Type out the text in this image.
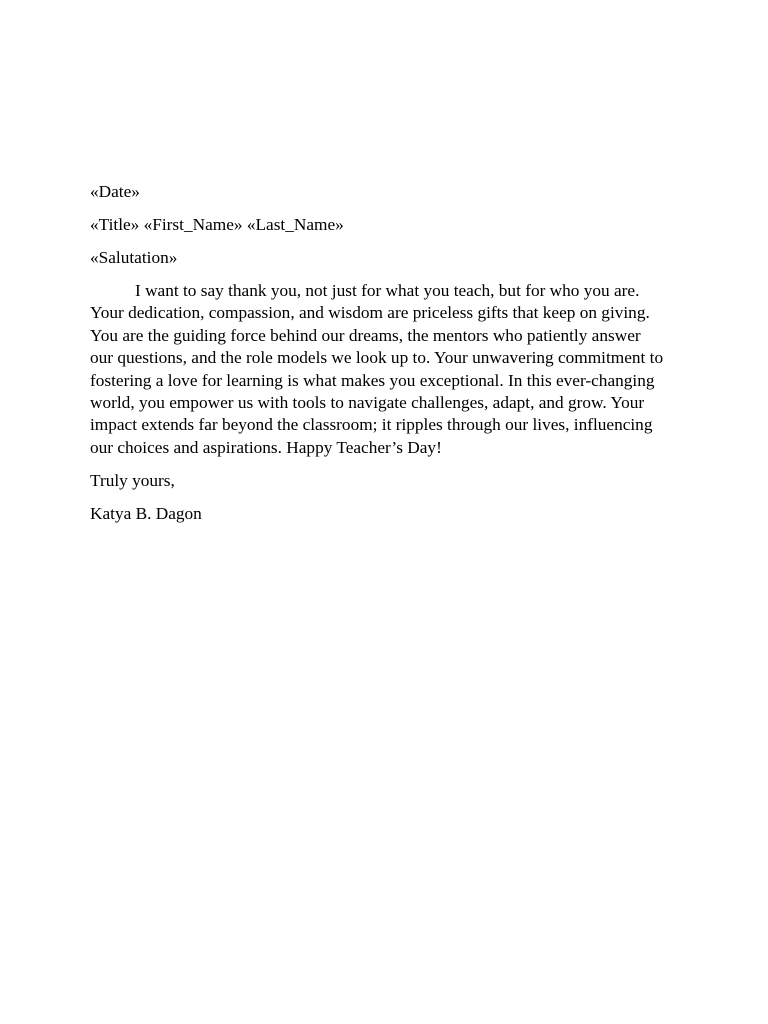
«Date»

«Title» «First_Name» «Last_Name»

«Salutation»

I want to say thank you, not just for what you teach, but for who you are.
Your dedication, compassion, and wisdom are priceless gifts that keep on giving.
You are the guiding force behind our dreams, the mentors who patiently answer
our questions, and the role models we look up to. Your unwavering commitment to
fostering a love for learning is what makes you exceptional. In this ever-changing
world, you empower us with tools to navigate challenges, adapt, and grow. Your
impact extends far beyond the classroom; it ripples through our lives, influencing
our choices and aspirations. Happy Teacher’s Day!

Truly yours,

Katya B. Dagon
